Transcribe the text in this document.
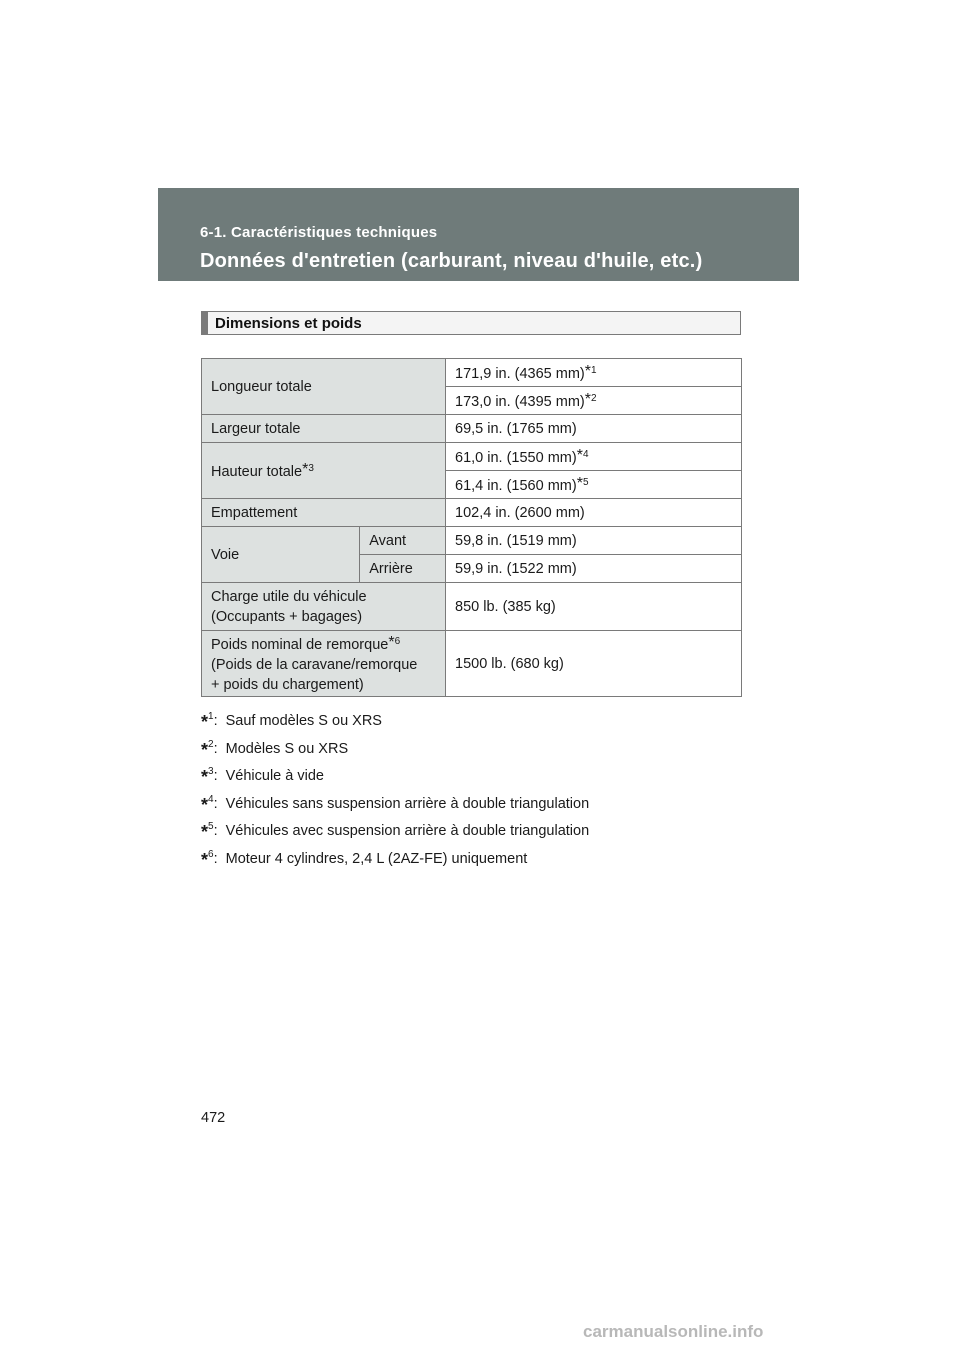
6-1. Caractéristiques techniques
Données d'entretien (carburant, niveau d'huile, etc.)
Dimensions et poids
Longueur totale		171,9 in. (4365 mm)$^{*1}$
		173,0 in. (4395 mm)$^{*2}$
Largeur totale		69,5 in. (1765 mm)
Hauteur totale$^{*3}$		61,0 in. (1550 mm)$^{*4}$
		61,4 in. (1560 mm)$^{*5}$
Empattement		102,4 in. (2600 mm)
Voie	Avant	59,8 in. (1519 mm)
	Arrière	59,9 in. (1522 mm)

Charge utile du véhicule
(Occupants + bagages)		850 lb. (385 kg)

Poids nominal de remorque$^{*6}$
(Poids de la caravane/remorque
+ poids du chargement)		1500 lb. (680 kg)
*$^1$: Sauf modèles S ou XRS
*$^2$: Modèles S ou XRS
*$^3$: Véhicule à vide
*$^4$: Véhicules sans suspension arrière à double triangulation
*$^5$: Véhicules avec suspension arrière à double triangulation
*$^6$: Moteur 4 cylindres, 2,4 L (2AZ-FE) uniquement
472
carmanualsonline.info
